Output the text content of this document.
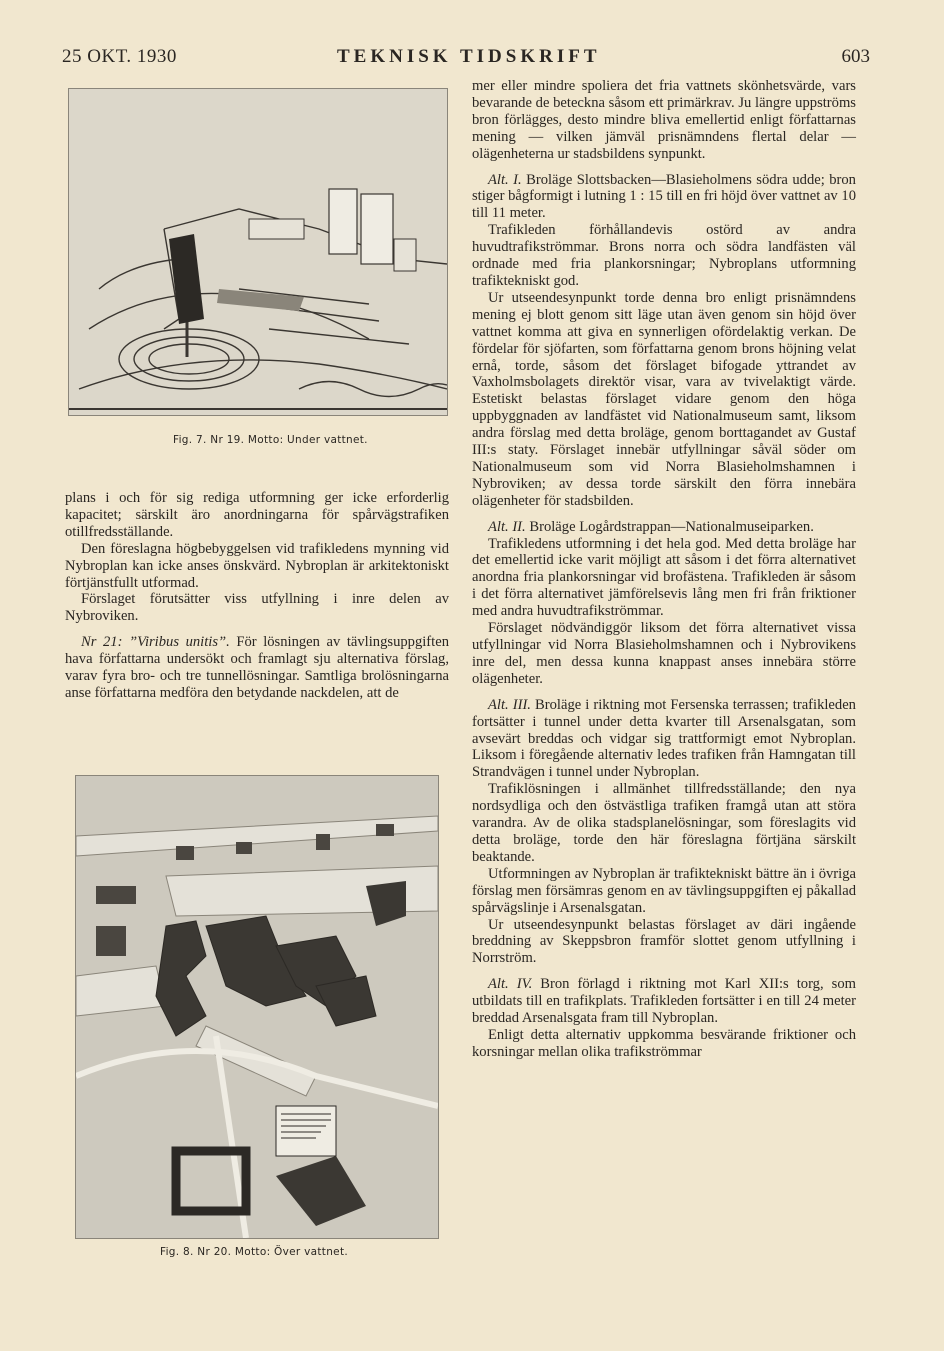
25 OKT. 1930	TEKNISK TIDSKRIFT	603
Fig. 7. Nr 19. Motto: Under vattnet.

plans i och för sig rediga utformning ger icke erforderlig kapacitet; särskilt äro anordningarna för spårvägstrafiken otillfredsställande.

Den föreslagna högbebyggelsen vid trafikledens mynning vid Nybroplan kan icke anses önskvärd. Nybroplan är arkitektoniskt förtjänstfullt utformad.

Förslaget förutsätter viss utfyllning i inre delen av Nybroviken.

Nr 21: ”Viribus unitis”. För lösningen av tävlingsuppgiften hava författarna undersökt och framlagt sju alternativa förslag, varav fyra bro- och tre tunnellösningar. Samtliga brolösningarna anse författarna medföra den betydande nackdelen, att de

Fig. 8. Nr 20. Motto: Över vattnet.

mer eller mindre spoliera det fria vattnets skönhetsvärde, vars bevarande de beteckna såsom ett primärkrav. Ju längre uppströms bron förlägges, desto mindre bliva emellertid enligt författarnas mening — vilken jämväl prisnämndens flertal delar — olägenheterna ur stadsbildens synpunkt.

Alt. I. Broläge Slottsbacken—Blasieholmens södra udde; bron stiger bågformigt i lutning 1 : 15 till en fri höjd över vattnet av 10 till 11 meter.

Trafikleden förhållandevis ostörd av andra huvudtrafikströmmar. Brons norra och södra landfästen väl ordnade med fria plankorsningar; Nybroplans utformning trafiktekniskt god.

Ur utseendesynpunkt torde denna bro enligt prisnämndens mening ej blott genom sitt läge utan även genom sin höjd över vattnet komma att giva en synnerligen ofördelaktig verkan. De fördelar för sjöfarten, som författarna genom brons höjning velat ernå, torde, såsom det förslaget bifogade yttrandet av Vaxholmsbolagets direktör visar, vara av tvivelaktigt värde. Estetiskt belastas förslaget vidare genom den höga uppbyggnaden av landfästet vid Nationalmuseum samt, liksom andra förslag med detta broläge, genom borttagandet av Gustaf III:s staty. Förslaget innebär utfyllningar såväl söder om Nationalmuseum som vid Norra Blasieholmshamnen i Nybroviken; av dessa torde särskilt den förra innebära olägenheter för stadsbilden.

Alt. II. Broläge Logårdstrappan—Nationalmuseiparken.

Trafikledens utformning i det hela god. Med detta broläge har det emellertid icke varit möjligt att såsom i det förra alternativet anordna fria plankorsningar vid brofästena. Trafikleden är såsom i det förra alternativet jämförelsevis lång men fri från friktioner med andra huvudtrafikströmmar.

Förslaget nödvändiggör liksom det förra alternativet vissa utfyllningar vid Norra Blasieholmshamnen och i Nybrovikens inre del, men dessa kunna knappast anses innebära större olägenheter.

Alt. III. Broläge i riktning mot Fersenska terrassen; trafikleden fortsätter i tunnel under detta kvarter till Arsenalsgatan, som avsevärt breddas och vidgar sig trattformigt emot Nybroplan. Liksom i föregående alternativ ledes trafiken från Hamngatan till Strandvägen i tunnel under Nybroplan.

Trafiklösningen i allmänhet tillfredsställande; den nya nordsydliga och den östvästliga trafiken framgå utan att störa varandra. Av de olika stadsplanelösningar, som föreslagits vid detta broläge, torde den här föreslagna förtjäna särskilt beaktande.

Utformningen av Nybroplan är trafiktekniskt bättre än i övriga förslag men försämras genom en av tävlingsuppgiften ej påkallad spårvägslinje i Arsenalsgatan.

Ur utseendesynpunkt belastas förslaget av däri ingående breddning av Skeppsbron framför slottet genom utfyllning i Norrström.

Alt. IV. Bron förlagd i riktning mot Karl XII:s torg, som utbildats till en trafikplats. Trafikleden fortsätter i en till 24 meter breddad Arsenalsgata fram till Nybroplan.

Enligt detta alternativ uppkomma besvärande friktioner och korsningar mellan olika trafikströmmar
